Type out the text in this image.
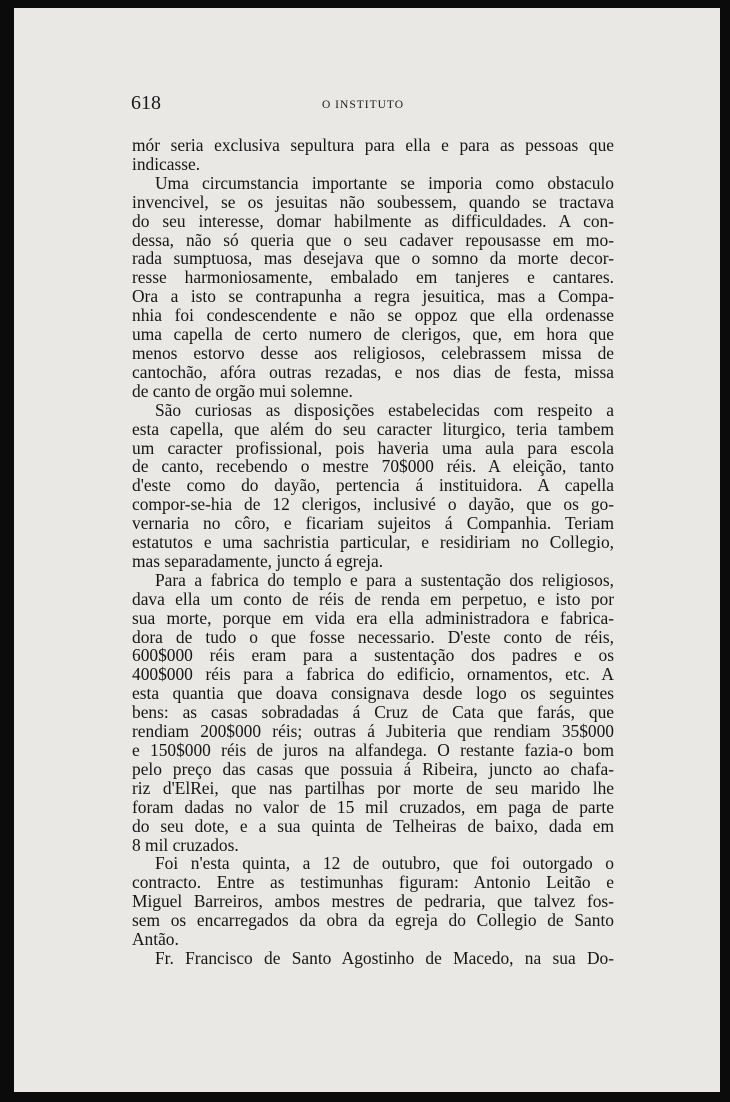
618	O INSTITUTO
mór seria exclusiva sepultura para ella e para as pessoas que
indicasse.
Uma circumstancia importante se imporia como obstaculo
invencivel, se os jesuitas não soubessem, quando se tractava
do seu interesse, domar habilmente as difficuldades. A con-
dessa, não só queria que o seu cadaver repousasse em mo-
rada sumptuosa, mas desejava que o somno da morte decor-
resse harmoniosamente, embalado em tanjeres e cantares.
Ora a isto se contrapunha a regra jesuitica, mas a Compa-
nhia foi condescendente e não se oppoz que ella ordenasse
uma capella de certo numero de clerigos, que, em hora que
menos estorvo desse aos religiosos, celebrassem missa de
cantochão, afóra outras rezadas, e nos dias de festa, missa
de canto de orgão mui solemne.
São curiosas as disposições estabelecidas com respeito a
esta capella, que além do seu caracter liturgico, teria tambem
um caracter profissional, pois haveria uma aula para escola
de canto, recebendo o mestre 70$000 réis. A eleição, tanto
d'este como do dayão, pertencia á instituidora. A capella
compor-se-hia de 12 clerigos, inclusivé o dayão, que os go-
vernaria no côro, e ficariam sujeitos á Companhia. Teriam
estatutos e uma sachristia particular, e residiriam no Collegio,
mas separadamente, juncto á egreja.
Para a fabrica do templo e para a sustentação dos religiosos,
dava ella um conto de réis de renda em perpetuo, e isto por
sua morte, porque em vida era ella administradora e fabrica-
dora de tudo o que fosse necessario. D'este conto de réis,
600$000 réis eram para a sustentação dos padres e os
400$000 réis para a fabrica do edificio, ornamentos, etc. A
esta quantia que doava consignava desde logo os seguintes
bens: as casas sobradadas á Cruz de Cata que farás, que
rendiam 200$000 réis; outras á Jubiteria que rendiam 35$000
e 150$000 réis de juros na alfandega. O restante fazia-o bom
pelo preço das casas que possuia á Ribeira, juncto ao chafa-
riz d'ElRei, que nas partilhas por morte de seu marido lhe
foram dadas no valor de 15 mil cruzados, em paga de parte
do seu dote, e a sua quinta de Telheiras de baixo, dada em
8 mil cruzados.
Foi n'esta quinta, a 12 de outubro, que foi outorgado o
contracto. Entre as testimunhas figuram: Antonio Leitão e
Miguel Barreiros, ambos mestres de pedraria, que talvez fos-
sem os encarregados da obra da egreja do Collegio de Santo
Antão.
Fr. Francisco de Santo Agostinho de Macedo, na sua Do-
